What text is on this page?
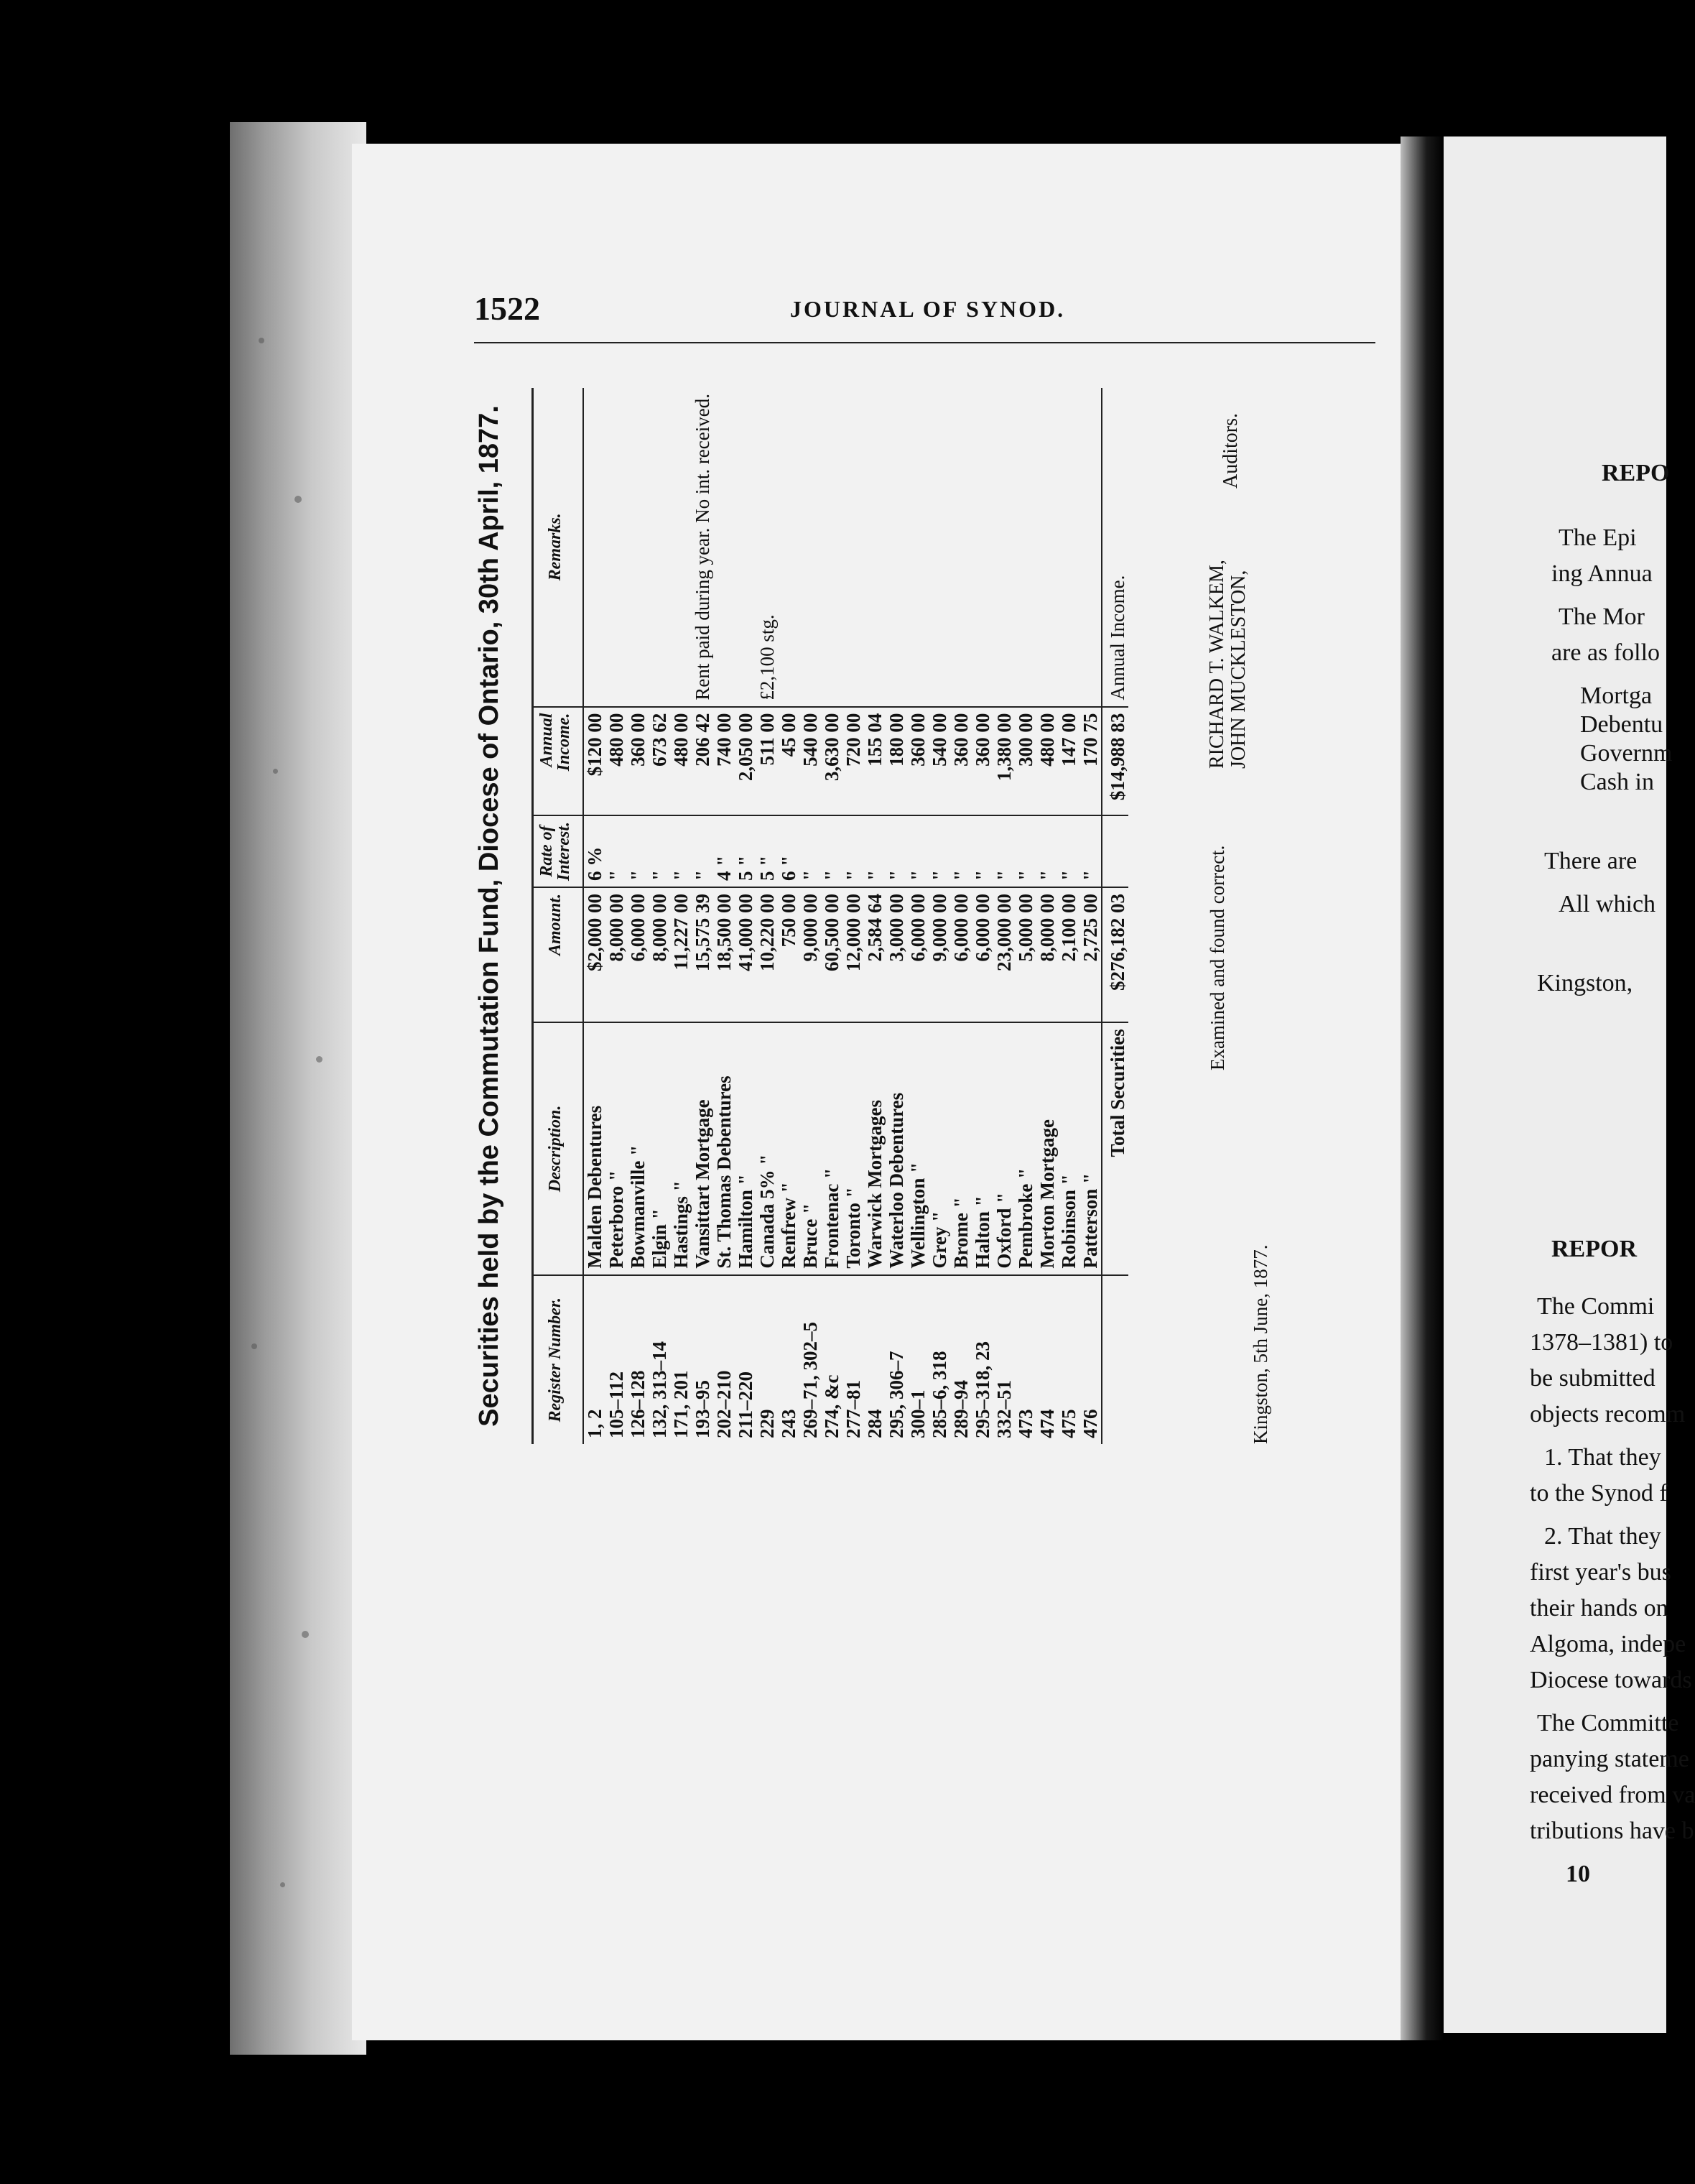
1522	JOURNAL OF SYNOD.
Securities held by the Commutation Fund, Diocese of Ontario, 30th April, 1877.	Register Number.	Description.	Amount.	Rate of Interest.	Annual Income.	Remarks.
1, 2	Malden Debentures	$2,000 00	6 %	$120 00	
105–112	Peterboro "	8,000 00	"	480 00	
126–128	Bowmanville "	6,000 00	"	360 00	
132, 313–14	Elgin "	8,000 00	"	673 62	
171, 201	Hastings "	11,227 00	"	480 00	
193–95	Vansittart Mortgage	15,575 39	"	206 42	Rent paid during year. No int. received.
202–210	St. Thomas Debentures	18,500 00	4 "	740 00	
211–220	Hamilton "	41,000 00	5 "	2,050 00	
229	Canada 5% "	10,220 00	5 "	511 00	£2,100 stg.
243	Renfrew "	750 00	6 "	45 00	
269–71, 302–5	Bruce "	9,000 00	"	540 00	
274, &c	Frontenac "	60,500 00	"	3,630 00	
277–81	Toronto "	12,000 00	"	720 00	
284	Warwick Mortgages	2,584 64	"	155 04	
295, 306–7	Waterloo Debentures	3,000 00	"	180 00	
300–1	Wellington "	6,000 00	"	360 00	
285–6, 318	Grey "	9,000 00	"	540 00	
289–94	Brome "	6,000 00	"	360 00	
295–318, 23	Halton "	6,000 00	"	360 00	
332–51	Oxford "	23,000 00	"	1,380 00	
473	Pembroke "	5,000 00	"	300 00	
474	Morton Mortgage	8,000 00	"	480 00	
475	Robinson "	2,100 00	"	147 00	
476	Patterson "	2,725 00	"	170 75	
	Total Securities	$276,182 03		$14,988 83	Annual Income.
Examined and found correct.
Kingston, 5th June, 1877.
RICHARD T. WALKEM, JOHN MUCKLESTON,
Auditors.	REPO
The Epi
ing Annua
The Mor
are as follo
Mortga
Debentu
Governm
Cash in
There are
All which
Kingston,
REPOR
The Commi
1378–1381) to
be submitted
objects recomm
1. That they
to the Synod f
2. That they
first year's bus
their hands on
Algoma, indepe
Diocese towards
The Committe
panying stateme
received from va
tributions have b
10
